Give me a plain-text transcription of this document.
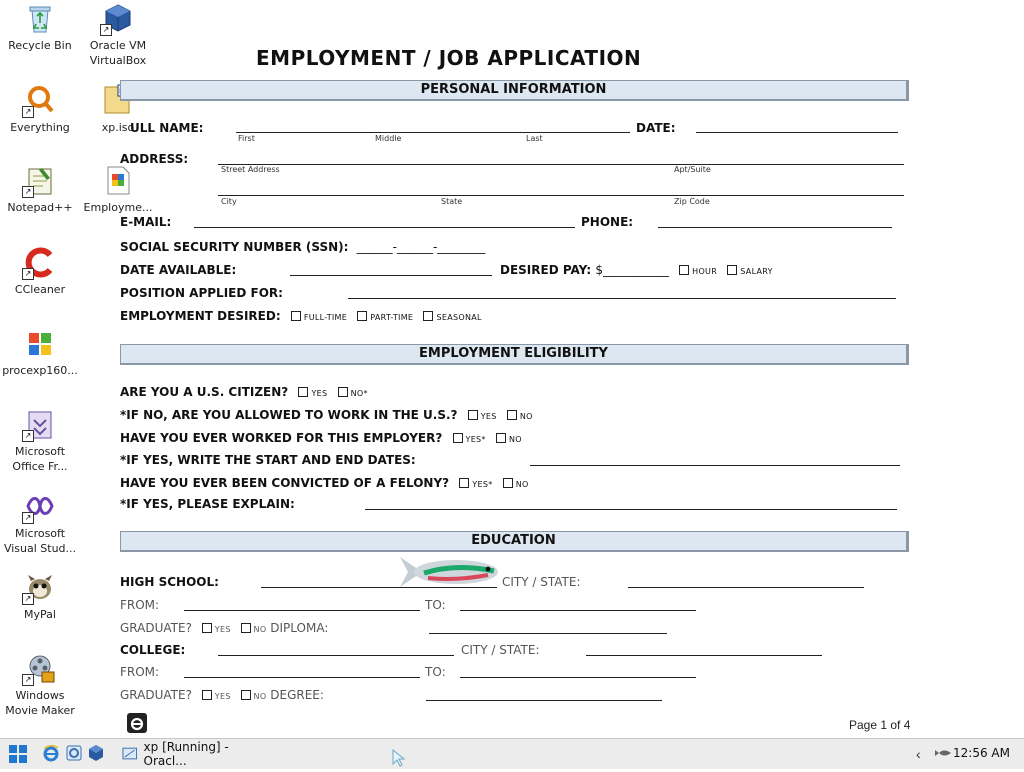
Recycle Bin
↗
Everything
↗
Notepad++
↗
CCleaner
procexp160...
↗
Microsoft
Office Fr...
↗
Microsoft
Visual Stud...
↗
MyPal
↗
Windows
Movie Maker
↗
Oracle VM
VirtualBox
xp.iso
Employme...
EMPLOYMENT / JOB APPLICATION
PERSONAL INFORMATION
ULL NAME:	DATE:
First	Middle	Last
ADDRESS:
Street Address	Apt/Suite
City	State	Zip Code
E-MAIL:	PHONE:
SOCIAL SECURITY NUMBER (SSN): ______-______-________
DATE AVAILABLE:	DESIRED PAY: $___________	HOUR	SALARY
POSITION APPLIED FOR:
EMPLOYMENT DESIRED:	FULL-TIME	PART-TIME	SEASONAL
EMPLOYMENT ELIGIBILITY
ARE YOU A U.S. CITIZEN?	YES	NO*
*IF NO, ARE YOU ALLOWED TO WORK IN THE U.S.?	YES	NO
HAVE YOU EVER WORKED FOR THIS EMPLOYER?	YES*	NO
*IF YES, WRITE THE START AND END DATES:
HAVE YOU EVER BEEN CONVICTED OF A FELONY?	YES*	NO
*IF YES, PLEASE EXPLAIN:
EDUCATION
HIGH SCHOOL:	CITY / STATE:
FROM:	TO:
GRADUATE?	YES	NO DIPLOMA:
COLLEGE:	CITY / STATE:
FROM:	TO:
GRADUATE?	YES	NO DEGREE:
Page 1 of 4
xp [Running] - Oracl...	‹	12:56 AM
